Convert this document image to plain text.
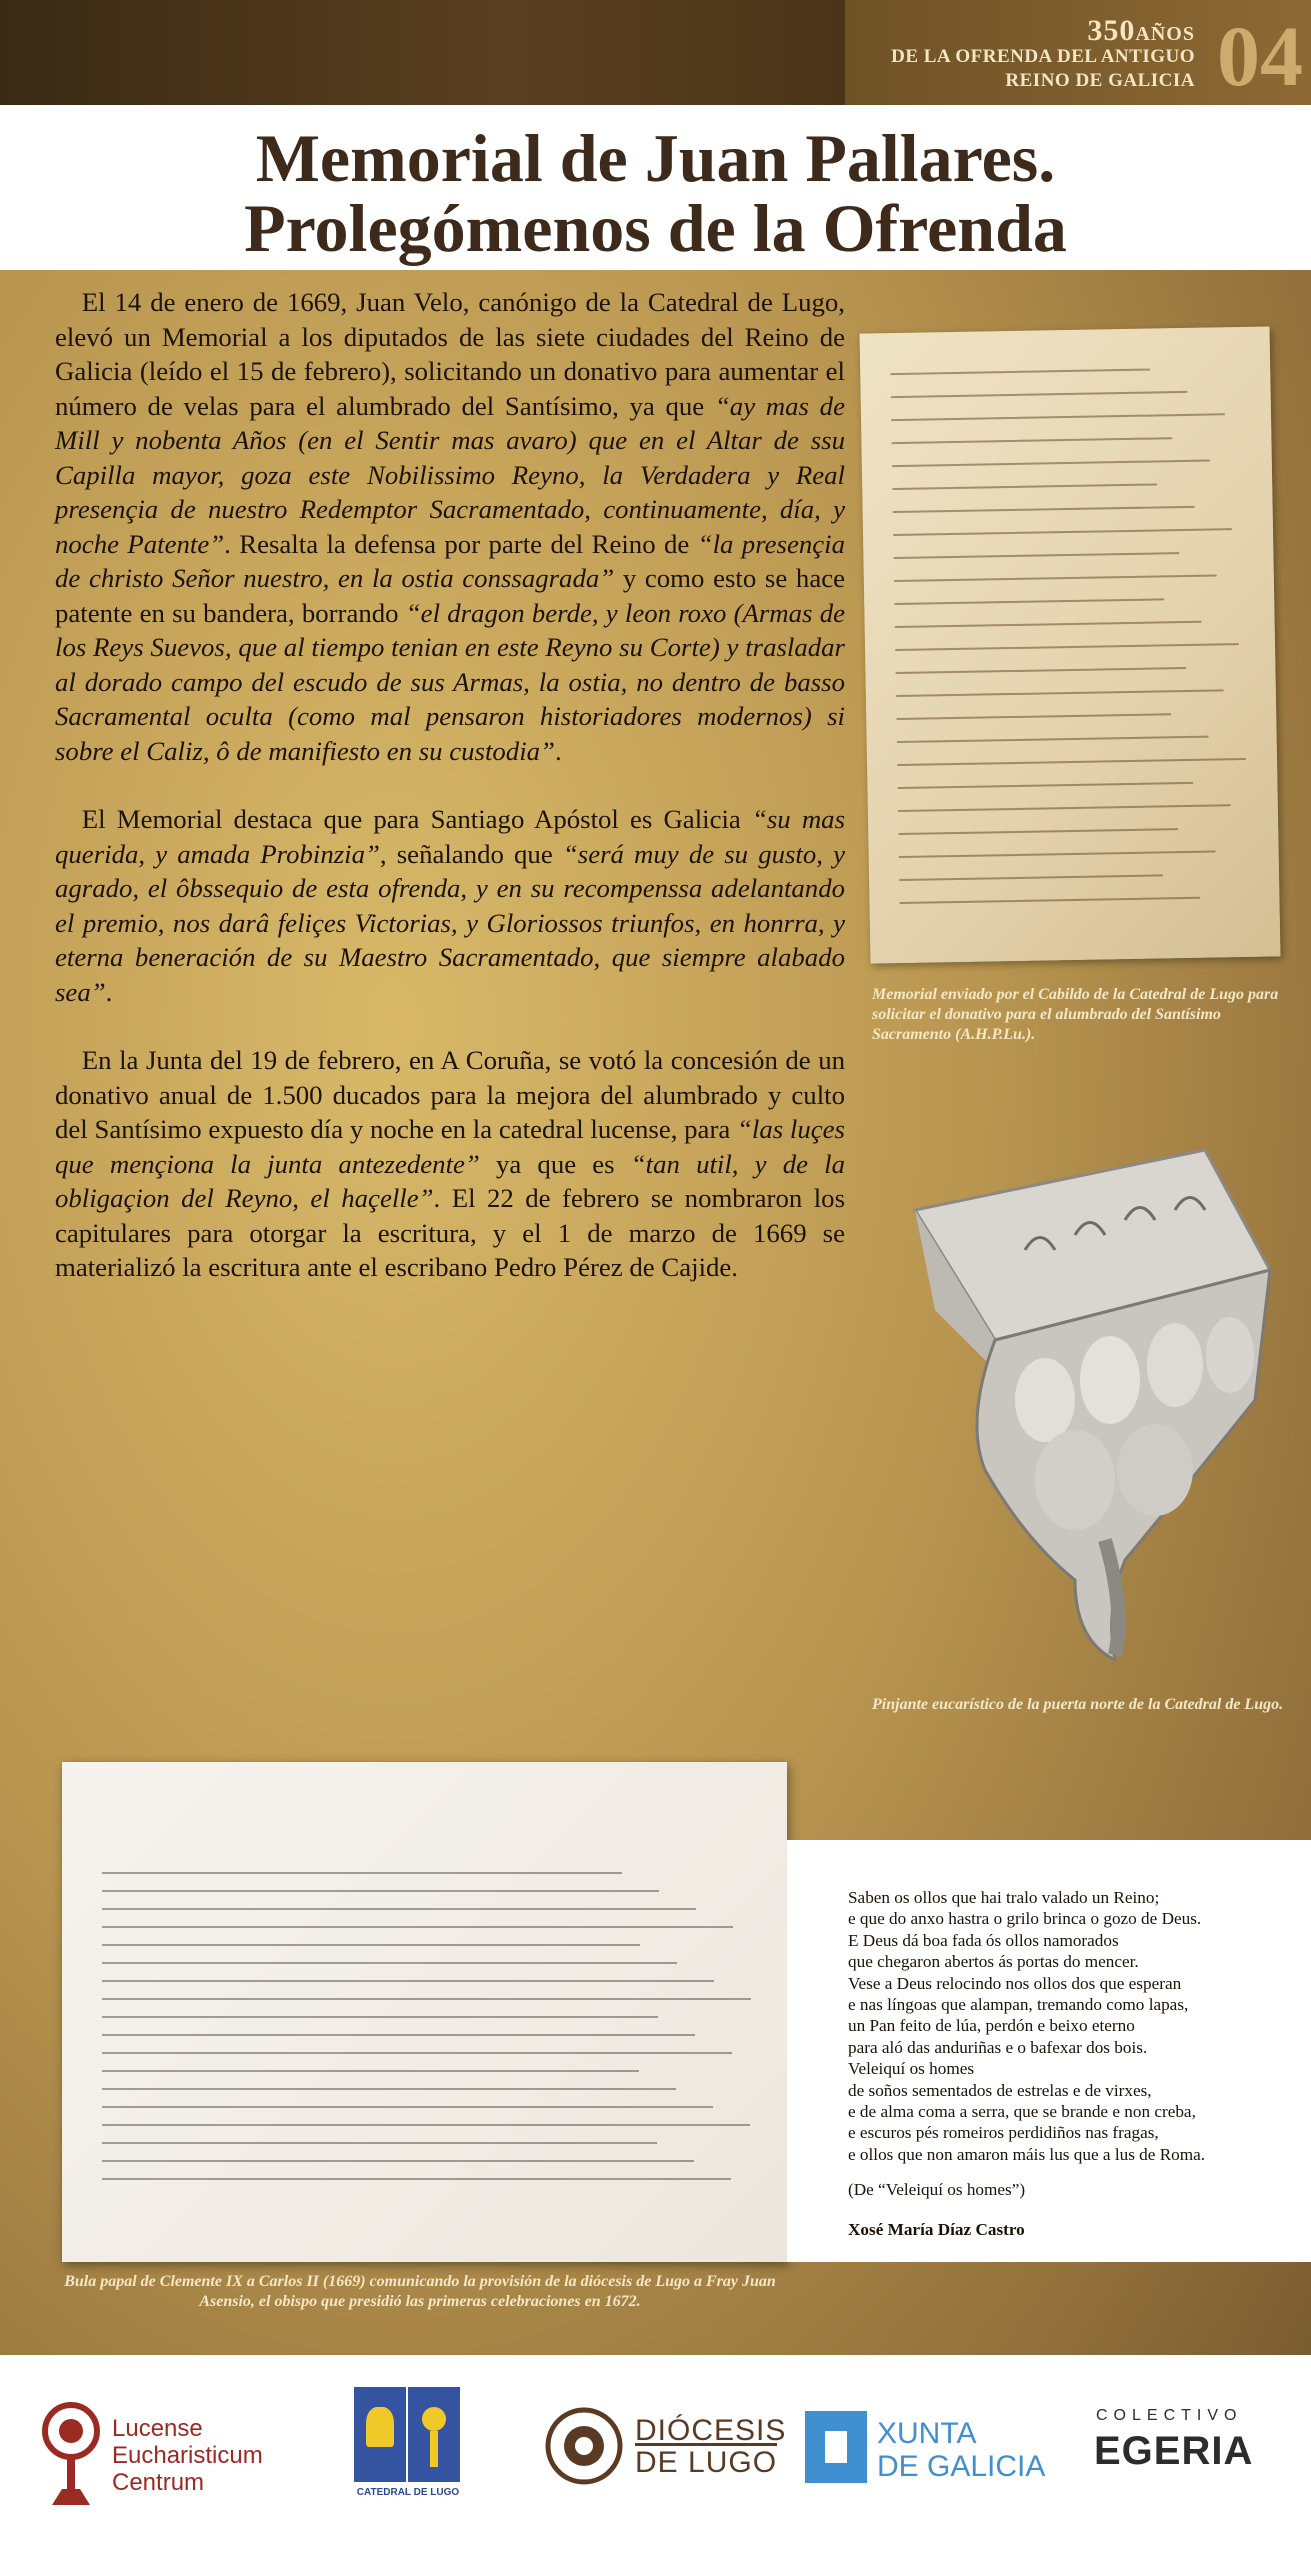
350AÑOS
DE LA OFRENDA DEL ANTIGUO
REINO DE GALICIA 04
Memorial de Juan Pallares.
Prolegómenos de la Ofrenda

 El 14 de enero de 1669, Juan Velo, canónigo de la Catedral de Lugo, elevó un Memorial a los diputados de las siete ciudades del Reino de Galicia (leído el 15 de febrero), solicitando un donativo para aumentar el número de velas para el alumbrado del Santísimo, ya que “ay mas de Mill y nobenta Años (en el Sentir mas avaro) que en el Altar de ssu Capilla mayor, goza este Nobilissimo Reyno, la Verdadera y Real presençia de nuestro Redemptor Sacramentado, continuamente, día, y noche Patente”. Resalta la defensa por parte del Reino de “la presençia de christo Señor nuestro, en la ostia conssagrada” y como esto se hace patente en su bandera, borrando “el dragon berde, y leon roxo (Armas de los Reys Suevos, que al tiempo tenian en este Reyno su Corte) y trasladar al dorado campo del escudo de sus Armas, la ostia, no dentro de basso Sacramental oculta (como mal pensaron historiadores modernos) si sobre el Caliz, ô de manifiesto en su custodia”.

 El Memorial destaca que para Santiago Apóstol es Galicia “su mas querida, y amada Probinzia”, señalando que “será muy de su gusto, y agrado, el ôbssequio de esta ofrenda, y en su recompenssa adelantando el premio, nos darâ feliçes Victorias, y Gloriossos triunfos, en honrra, y eterna beneración de su Maestro Sacramentado, que siempre alabado sea”.

 En la Junta del 19 de febrero, en A Coruña, se votó la concesión de un donativo anual de 1.500 ducados para la mejora del alumbrado y culto del Santísimo expuesto día y noche en la catedral lucense, para “las luçes que mençiona la junta antezedente” ya que es “tan util, y de la obligaçion del Reyno, el haçelle”. El 22 de febrero se nombraron los capitulares para otorgar la escritura, y el 1 de marzo de 1669 se materializó la escritura ante el escribano Pedro Pérez de Cajide.

Memorial enviado por el Cabildo de la Catedral de Lugo para solicitar el donativo para el alumbrado del Santísimo Sacramento (A.H.P.Lu.).
Pinjante eucarístico de la puerta norte de la Catedral de Lugo.
Bula papal de Clemente IX a Carlos II (1669) comunicando la provisión de la diócesis de Lugo a Fray Juan Asensio, el obispo que presidió las primeras celebraciones en 1672.
Saben os ollos que hai tralo valado un Reino;
e que do anxo hastra o grilo brinca o gozo de Deus.
E Deus dá boa fada ós ollos namorados
que chegaron abertos ás portas do mencer.
Vese a Deus relocindo nos ollos dos que esperan
e nas língoas que alampan, tremando como lapas,
un Pan feito de lúa, perdón e beixo eterno
para aló das anduriñas e o bafexar dos bois.
Veleiquí os homes
de soños sementados de estrelas e de virxes,
e de alma coma a serra, que se brande e non creba,
e escuros pés romeiros perdidiños nas fragas,
e ollos que non amaron máis lus que a lus de Roma.
(De “Veleiquí os homes”)
Xosé María Díaz Castro
Lucense
Eucharisticum
Centrum	CATEDRAL DE LUGO
DIÓCESIS
DE LUGO
XUNTA
DE GALICIA
COLECTIVO
EGERIA
